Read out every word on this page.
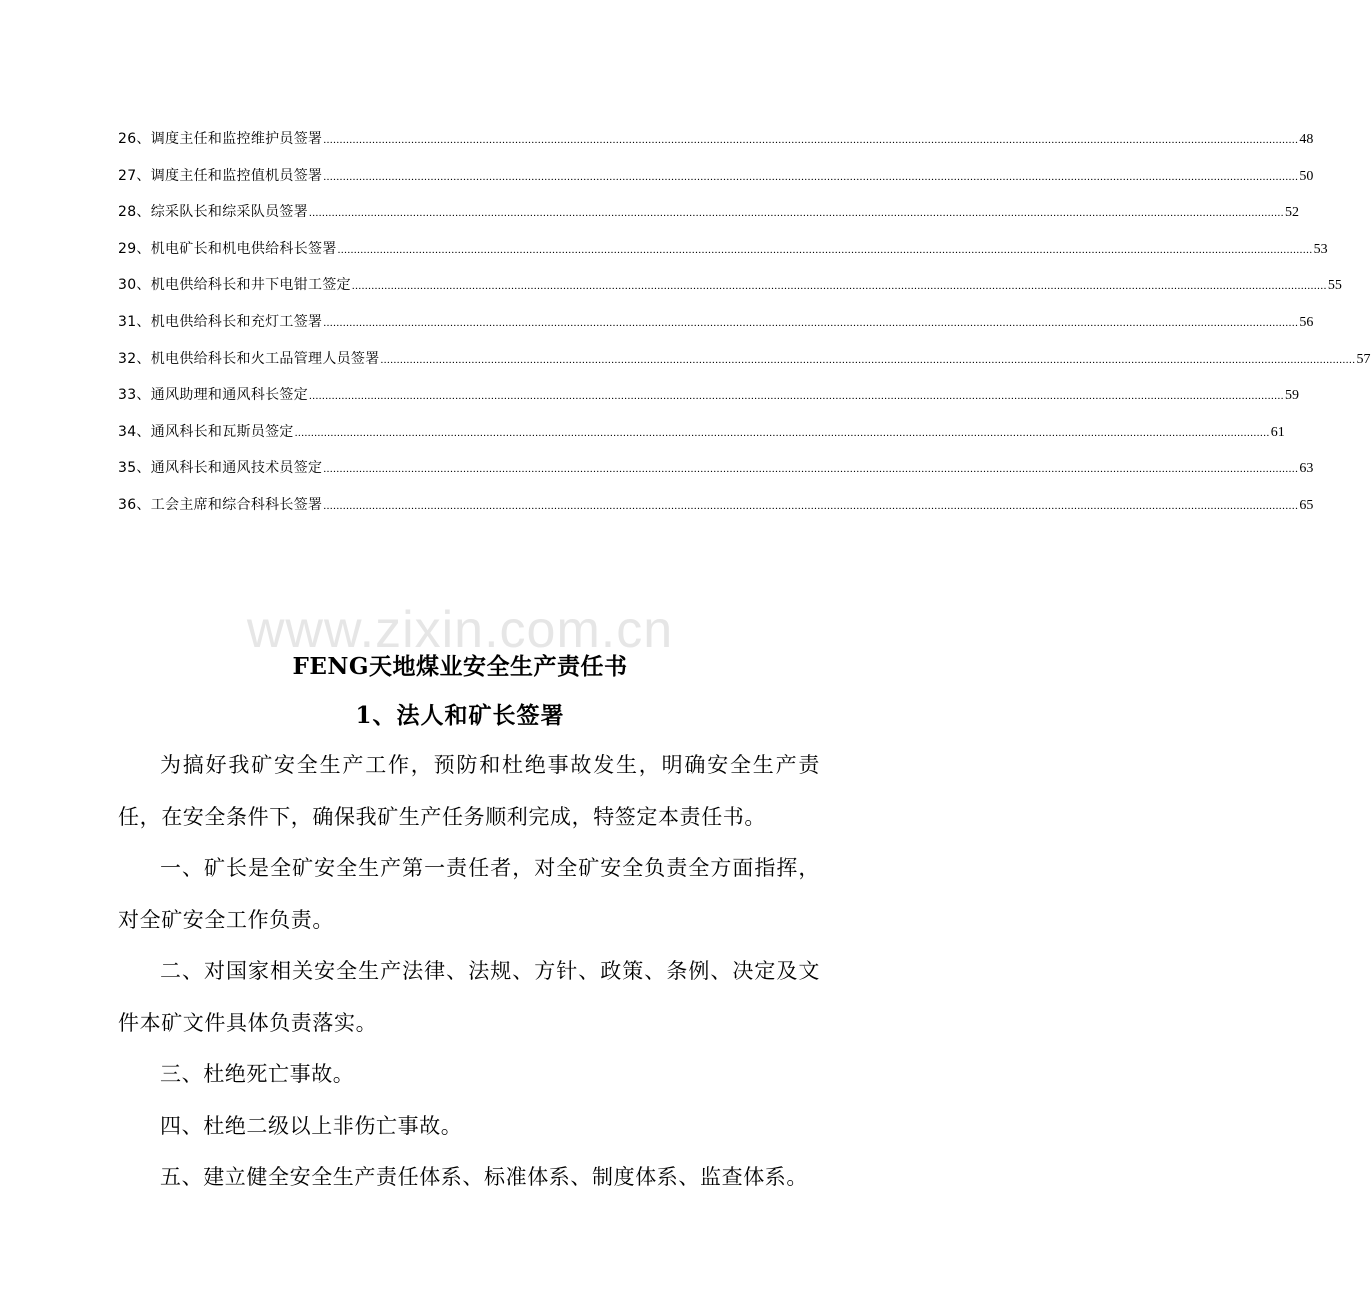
26、调度主任和监控维护员签署 ............................................................................................................................................................................................................................................................................................................ 48
27、调度主任和监控值机员签署 ............................................................................................................................................................................................................................................................................................................ 50
28、综采队长和综采队员签署 ............................................................................................................................................................................................................................................................................................................ 52
29、机电矿长和机电供给科长签署 ............................................................................................................................................................................................................................................................................................................ 53
30、机电供给科长和井下电钳工签定 ............................................................................................................................................................................................................................................................................................................ 55
31、机电供给科长和充灯工签署 ............................................................................................................................................................................................................................................................................................................ 56
32、机电供给科长和火工品管理人员签署 ............................................................................................................................................................................................................................................................................................................ 57
33、通风助理和通风科长签定 ............................................................................................................................................................................................................................................................................................................ 59
34、通风科长和瓦斯员签定 ............................................................................................................................................................................................................................................................................................................ 61
35、通风科长和通风技术员签定 ............................................................................................................................................................................................................................................................................................................ 63
36、工会主席和综合科科长签署 ............................................................................................................................................................................................................................................................................................................ 65
www.zixin.com.cn
FENG天地煤业安全生产责任书
1、法人和矿长签署

为搞好我矿安全生产工作，预防和杜绝事故发生，明确安全生产责任，在安全条件下，确保我矿生产任务顺利完成，特签定本责任书。

一、矿长是全矿安全生产第一责任者，对全矿安全负责全方面指挥，对全矿安全工作负责。

二、对国家相关安全生产法律、法规、方针、政策、条例、决定及文件本矿文件具体负责落实。

三、杜绝死亡事故。

四、杜绝二级以上非伤亡事故。

五、建立健全安全生产责任体系、标准体系、制度体系、监查体系。
